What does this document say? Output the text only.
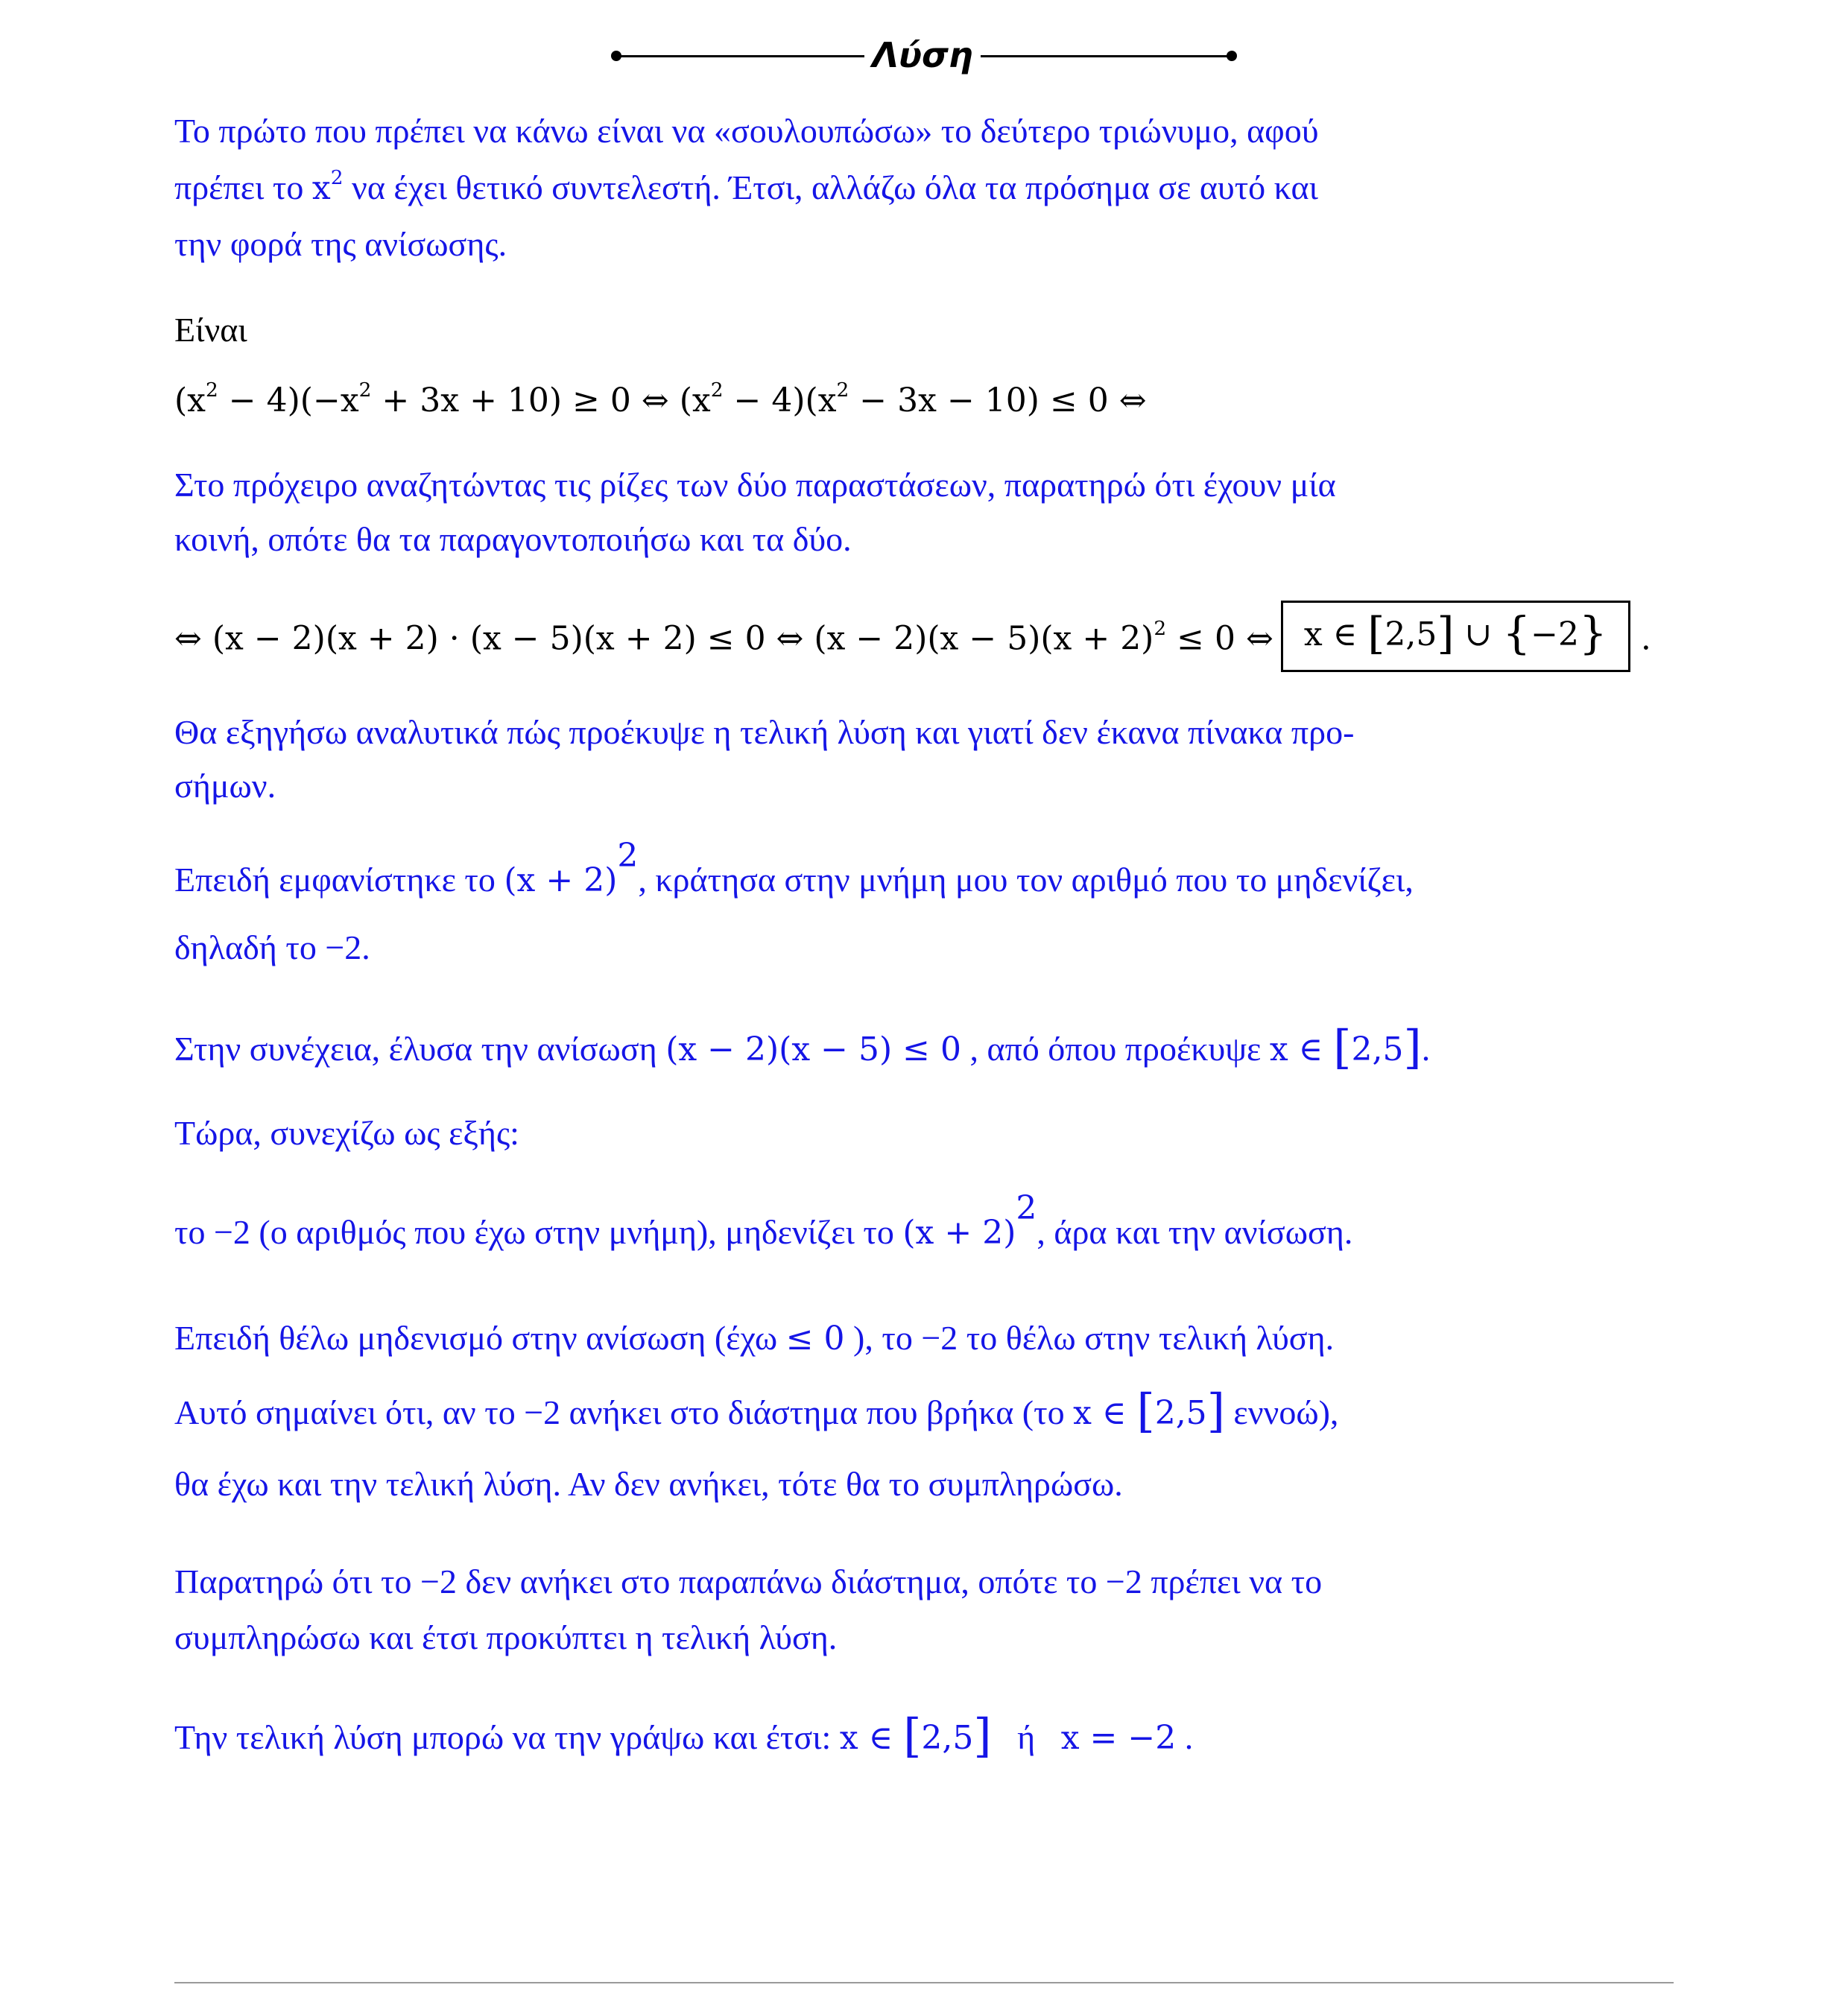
Λύση
Το πρώτο που πρέπει να κάνω είναι να «σουλουπώσω» το δεύτερο τριώνυμο, αφού
πρέπει το $x^2$ να έχει θετικό συντελεστή. Έτσι, αλλάζω όλα τα πρόσημα σε αυτό και
την φορά της ανίσωσης.
Είναι
$(x^2 - 4)(-x^2 + 3x + 10) \ge 0$ ⇔ $(x^2 - 4)(x^2 - 3x - 10) \le 0$ ⇔
Στο πρόχειρο αναζητώντας τις ρίζες των δύο παραστάσεων, παρατηρώ ότι έχουν μία
κοινή, οπότε θα τα παραγοντοποιήσω και τα δύο.
⇔ (x − 2)(x + 2) · (x − 5)(x + 2) ≤ 0 ⇔ $(x - 2)(x - 5)(x + 2)^2 \le 0$ ⇔ x ∈ [2,5] ∪ {−2} .
Θα εξηγήσω αναλυτικά πώς προέκυψε η τελική λύση και γιατί δεν έκανα πίνακα προ-
σήμων.
Επειδή εμφανίστηκε το $(x + 2)^2$, κράτησα στην μνήμη μου τον αριθμό που το μηδενίζει,
δηλαδή το −2.
Στην συνέχεια, έλυσα την ανίσωση (x − 2)(x − 5) ≤ 0 , από όπου προέκυψε x ∈ [2,5].
Τώρα, συνεχίζω ως εξής:
το −2 (ο αριθμός που έχω στην μνήμη), μηδενίζει το $(x + 2)^2$, άρα και την ανίσωση.
Επειδή θέλω μηδενισμό στην ανίσωση (έχω ≤ 0 ), το −2 το θέλω στην τελική λύση.
Αυτό σημαίνει ότι, αν το −2 ανήκει στο διάστημα που βρήκα (το x ∈ [2,5] εννοώ),
θα έχω και την τελική λύση. Αν δεν ανήκει, τότε θα το συμπληρώσω.
Παρατηρώ ότι το −2 δεν ανήκει στο παραπάνω διάστημα, οπότε το −2 πρέπει να το
συμπληρώσω και έτσι προκύπτει η τελική λύση.
Την τελική λύση μπορώ να την γράψω και έτσι: x ∈ [2,5]   ή   x = −2 .
